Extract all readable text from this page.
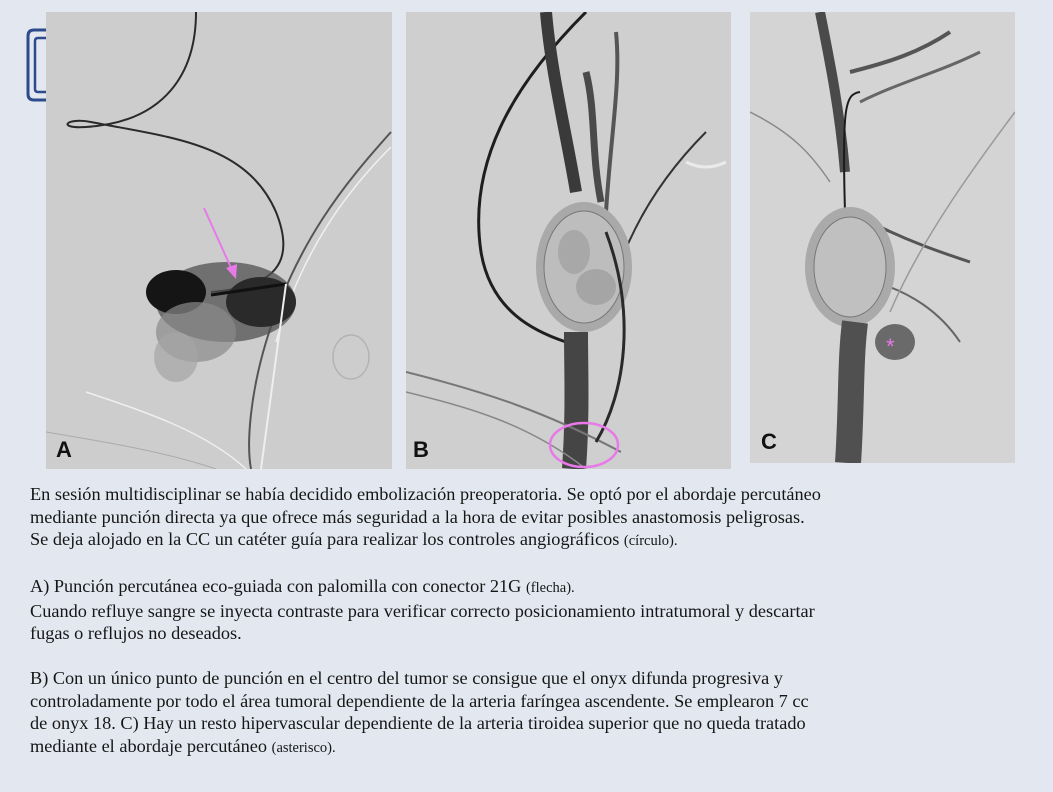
A	B
*
C

En sesión multidisciplinar se había decidido embolización preoperatoria. Se optó por el abordaje percutáneo

mediante punción directa ya que ofrece más seguridad a la hora de evitar posibles anastomosis peligrosas.

Se deja alojado en la CC un catéter guía para realizar los controles angiográficos (círculo).

A) Punción percutánea eco-guiada con palomilla con conector 21G (flecha).

Cuando refluye sangre se inyecta contraste para verificar correcto posicionamiento intratumoral y descartar

fugas o reflujos no deseados.

B) Con un único punto de punción en el centro del tumor se consigue que el onyx difunda progresiva y

controladamente por todo el área tumoral dependiente de la arteria faríngea ascendente. Se emplearon 7 cc

de onyx 18. C) Hay un resto hipervascular dependiente de la arteria tiroidea superior que no queda tratado

mediante el abordaje percutáneo (asterisco).
